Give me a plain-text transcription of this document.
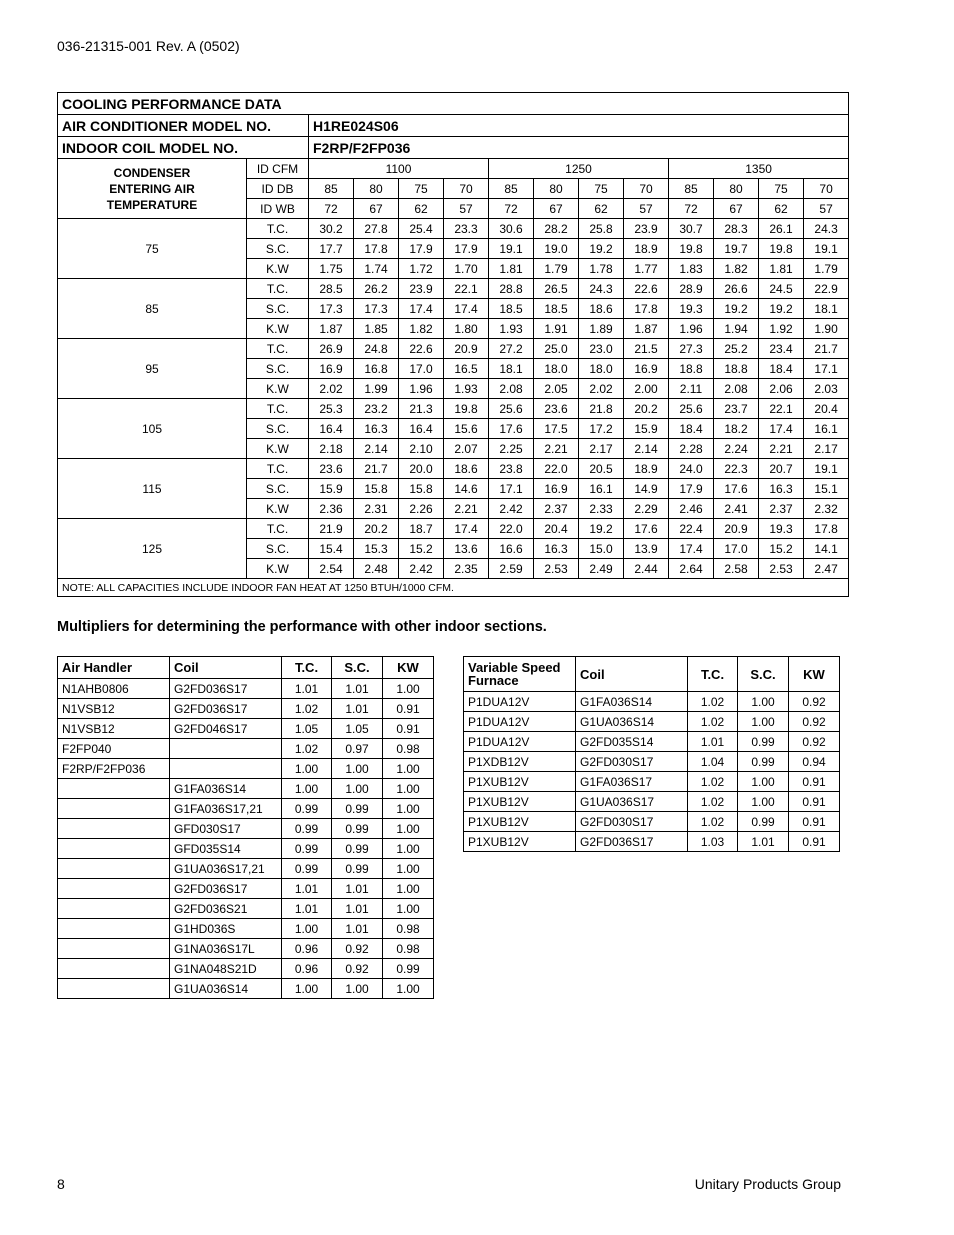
036-21315-001 Rev. A (0502)
COOLING PERFORMANCE DATA													
AIR CONDITIONER MODEL NO.		H1RE024S06											
INDOOR COIL MODEL NO.		F2RP/F2FP036											
CONDENSER
ENTERING AIR
TEMPERATURE	ID CFM	1100				1250				1350			
	ID DB	85	80	75	70	85	80	75	70	85	80	75	70
	ID WB	72	67	62	57	72	67	62	57	72	67	62	57
75	T.C.	30.2	27.8	25.4	23.3	30.6	28.2	25.8	23.9	30.7	28.3	26.1	24.3
	S.C.	17.7	17.8	17.9	17.9	19.1	19.0	19.2	18.9	19.8	19.7	19.8	19.1
	K.W	1.75	1.74	1.72	1.70	1.81	1.79	1.78	1.77	1.83	1.82	1.81	1.79
85	T.C.	28.5	26.2	23.9	22.1	28.8	26.5	24.3	22.6	28.9	26.6	24.5	22.9
	S.C.	17.3	17.3	17.4	17.4	18.5	18.5	18.6	17.8	19.3	19.2	19.2	18.1
	K.W	1.87	1.85	1.82	1.80	1.93	1.91	1.89	1.87	1.96	1.94	1.92	1.90
95	T.C.	26.9	24.8	22.6	20.9	27.2	25.0	23.0	21.5	27.3	25.2	23.4	21.7
	S.C.	16.9	16.8	17.0	16.5	18.1	18.0	18.0	16.9	18.8	18.8	18.4	17.1
	K.W	2.02	1.99	1.96	1.93	2.08	2.05	2.02	2.00	2.11	2.08	2.06	2.03
105	T.C.	25.3	23.2	21.3	19.8	25.6	23.6	21.8	20.2	25.6	23.7	22.1	20.4
	S.C.	16.4	16.3	16.4	15.6	17.6	17.5	17.2	15.9	18.4	18.2	17.4	16.1
	K.W	2.18	2.14	2.10	2.07	2.25	2.21	2.17	2.14	2.28	2.24	2.21	2.17
115	T.C.	23.6	21.7	20.0	18.6	23.8	22.0	20.5	18.9	24.0	22.3	20.7	19.1
	S.C.	15.9	15.8	15.8	14.6	17.1	16.9	16.1	14.9	17.9	17.6	16.3	15.1
	K.W	2.36	2.31	2.26	2.21	2.42	2.37	2.33	2.29	2.46	2.41	2.37	2.32
125	T.C.	21.9	20.2	18.7	17.4	22.0	20.4	19.2	17.6	22.4	20.9	19.3	17.8
	S.C.	15.4	15.3	15.2	13.6	16.6	16.3	15.0	13.9	17.4	17.0	15.2	14.1
	K.W	2.54	2.48	2.42	2.35	2.59	2.53	2.49	2.44	2.64	2.58	2.53	2.47
NOTE: ALL CAPACITIES INCLUDE INDOOR FAN HEAT AT 1250 BTUH/1000 CFM.													
Multipliers for determining the performance with other indoor sections.
Air Handler	Coil	T.C.	S.C.	KW
N1AHB0806	G2FD036S17	1.01	1.01	1.00
N1VSB12	G2FD036S17	1.02	1.01	0.91
N1VSB12	G2FD046S17	1.05	1.05	0.91
F2FP040		1.02	0.97	0.98
F2RP/F2FP036		1.00	1.00	1.00
	G1FA036S14	1.00	1.00	1.00
	G1FA036S17,21	0.99	0.99	1.00
	GFD030S17	0.99	0.99	1.00
	GFD035S14	0.99	0.99	1.00
	G1UA036S17,21	0.99	0.99	1.00
	G2FD036S17	1.01	1.01	1.00
	G2FD036S21	1.01	1.01	1.00
	G1HD036S	1.00	1.01	0.98
	G1NA036S17L	0.96	0.92	0.98
	G1NA048S21D	0.96	0.92	0.99
	G1UA036S14	1.00	1.00	1.00
Variable Speed Furnace	Coil	T.C.	S.C.	KW
P1DUA12V	G1FA036S14	1.02	1.00	0.92
P1DUA12V	G1UA036S14	1.02	1.00	0.92
P1DUA12V	G2FD035S14	1.01	0.99	0.92
P1XDB12V	G2FD030S17	1.04	0.99	0.94
P1XUB12V	G1FA036S17	1.02	1.00	0.91
P1XUB12V	G1UA036S17	1.02	1.00	0.91
P1XUB12V	G2FD030S17	1.02	0.99	0.91
P1XUB12V	G2FD036S17	1.03	1.01	0.91
8	Unitary Products Group
